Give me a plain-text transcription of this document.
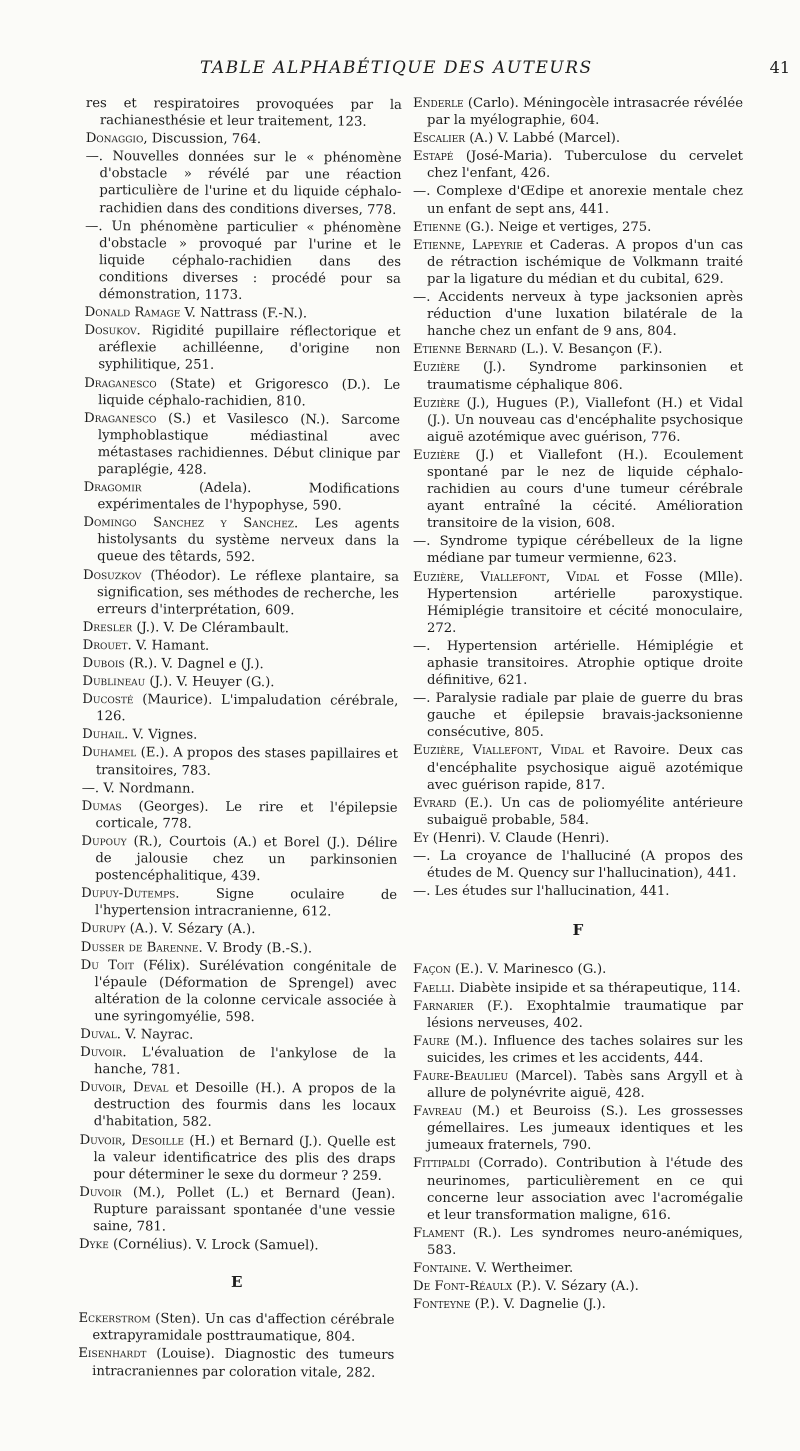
TABLE ALPHABÉTIQUE DES AUTEURS	41

res et respiratoires provoquées par la rachianesthésie et leur traitement, 123.

Donaggio, Discussion, 764.

—. Nouvelles données sur le « phénomène d'obstacle » révélé par une réaction particulière de l'urine et du liquide céphalo-rachidien dans des conditions diverses, 778.

—. Un phénomène particulier « phénomène d'obstacle » provoqué par l'urine et le liquide céphalo-rachidien dans des conditions diverses : procédé pour sa démonstration, 1173.

Donald Ramage V. Nattrass (F.-N.).

Dosukov. Rigidité pupillaire réflectorique et aréflexie achilléenne, d'origine non syphilitique, 251.

Draganesco (State) et Grigoresco (D.). Le liquide céphalo-rachidien, 810.

Draganesco (S.) et Vasilesco (N.). Sarcome lymphoblastique médiastinal avec métastases rachidiennes. Début clinique par paraplégie, 428.

Dragomir (Adela). Modifications expérimentales de l'hypophyse, 590.

Domingo Sanchez y Sanchez. Les agents histolysants du système nerveux dans la queue des têtards, 592.

Dosuzkov (Théodor). Le réflexe plantaire, sa signification, ses méthodes de recherche, les erreurs d'interprétation, 609.

Dresler (J.). V. De Clérambault.

Drouet. V. Hamant.

Dubois (R.). V. Dagnel e (J.).

Dublineau (J.). V. Heuyer (G.).

Ducosté (Maurice). L'impaludation cérébrale, 126.

Duhail. V. Vignes.

Duhamel (E.). A propos des stases papillaires et transitoires, 783.

—. V. Nordmann.

Dumas (Georges). Le rire et l'épilepsie corticale, 778.

Dupouy (R.), Courtois (A.) et Borel (J.). Délire de jalousie chez un parkinsonien postencéphalitique, 439.

Dupuy-Dutemps. Signe oculaire de l'hypertension intracranienne, 612.

Durupy (A.). V. Sézary (A.).

Dusser de Barenne. V. Brody (B.-S.).

Du Toit (Félix). Surélévation congénitale de l'épaule (Déformation de Sprengel) avec altération de la colonne cervicale associée à une syringomyélie, 598.

Duval. V. Nayrac.

Duvoir. L'évaluation de l'ankylose de la hanche, 781.

Duvoir, Deval et Desoille (H.). A propos de la destruction des fourmis dans les locaux d'habitation, 582.

Duvoir, Desoille (H.) et Bernard (J.). Quelle est la valeur identificatrice des plis des draps pour déterminer le sexe du dormeur ? 259.

Duvoir (M.), Pollet (L.) et Bernard (Jean). Rupture paraissant spontanée d'une vessie saine, 781.

Dyke (Cornélius). V. Lrock (Samuel).

E

Eckerstrom (Sten). Un cas d'affection cérébrale extrapyramidale posttraumatique, 804.

Eisenhardt (Louise). Diagnostic des tumeurs intracraniennes par coloration vitale, 282.

Enderle (Carlo). Méningocèle intrasacrée révélée par la myélographie, 604.

Escalier (A.) V. Labbé (Marcel).

Estapé (José-Maria). Tuberculose du cervelet chez l'enfant, 426.

—. Complexe d'Œdipe et anorexie mentale chez un enfant de sept ans, 441.

Etienne (G.). Neige et vertiges, 275.

Etienne, Lapeyrie et Caderas. A propos d'un cas de rétraction ischémique de Volkmann traité par la ligature du médian et du cubital, 629.

—. Accidents nerveux à type jacksonien après réduction d'une luxation bilatérale de la hanche chez un enfant de 9 ans, 804.

Etienne Bernard (L.). V. Besançon (F.).

Euzière (J.). Syndrome parkinsonien et traumatisme céphalique 806.

Euzière (J.), Hugues (P.), Viallefont (H.) et Vidal (J.). Un nouveau cas d'encéphalite psychosique aiguë azotémique avec guérison, 776.

Euzière (J.) et Viallefont (H.). Ecoulement spontané par le nez de liquide céphalo-rachidien au cours d'une tumeur cérébrale ayant entraîné la cécité. Amélioration transitoire de la vision, 608.

—. Syndrome typique cérébelleux de la ligne médiane par tumeur vermienne, 623.

Euzière, Viallefont, Vidal et Fosse (Mlle). Hypertension artérielle paroxystique. Hémiplégie transitoire et cécité monoculaire, 272.

—. Hypertension artérielle. Hémiplégie et aphasie transitoires. Atrophie optique droite définitive, 621.

—. Paralysie radiale par plaie de guerre du bras gauche et épilepsie bravais-jacksonienne consécutive, 805.

Euzière, Viallefont, Vidal et Ravoire. Deux cas d'encéphalite psychosique aiguë azotémique avec guérison rapide, 817.

Evrard (E.). Un cas de poliomyélite antérieure subaiguë probable, 584.

Ey (Henri). V. Claude (Henri).

—. La croyance de l'halluciné (A propos des études de M. Quency sur l'hallucination), 441.

—. Les études sur l'hallucination, 441.

F

Façon (E.). V. Marinesco (G.).

Faelli. Diabète insipide et sa thérapeutique, 114.

Farnarier (F.). Exophtalmie traumatique par lésions nerveuses, 402.

Faure (M.). Influence des taches solaires sur les suicides, les crimes et les accidents, 444.

Faure-Beaulieu (Marcel). Tabès sans Argyll et à allure de polynévrite aiguë, 428.

Favreau (M.) et Beuroiss (S.). Les grossesses gémellaires. Les jumeaux identiques et les jumeaux fraternels, 790.

Fittipaldi (Corrado). Contribution à l'étude des neurinomes, particulièrement en ce qui concerne leur association avec l'acromégalie et leur transformation maligne, 616.

Flament (R.). Les syndromes neuro-anémiques, 583.

Fontaine. V. Wertheimer.

De Font-Réaulx (P.). V. Sézary (A.).

Fonteyne (P.). V. Dagnelie (J.).
